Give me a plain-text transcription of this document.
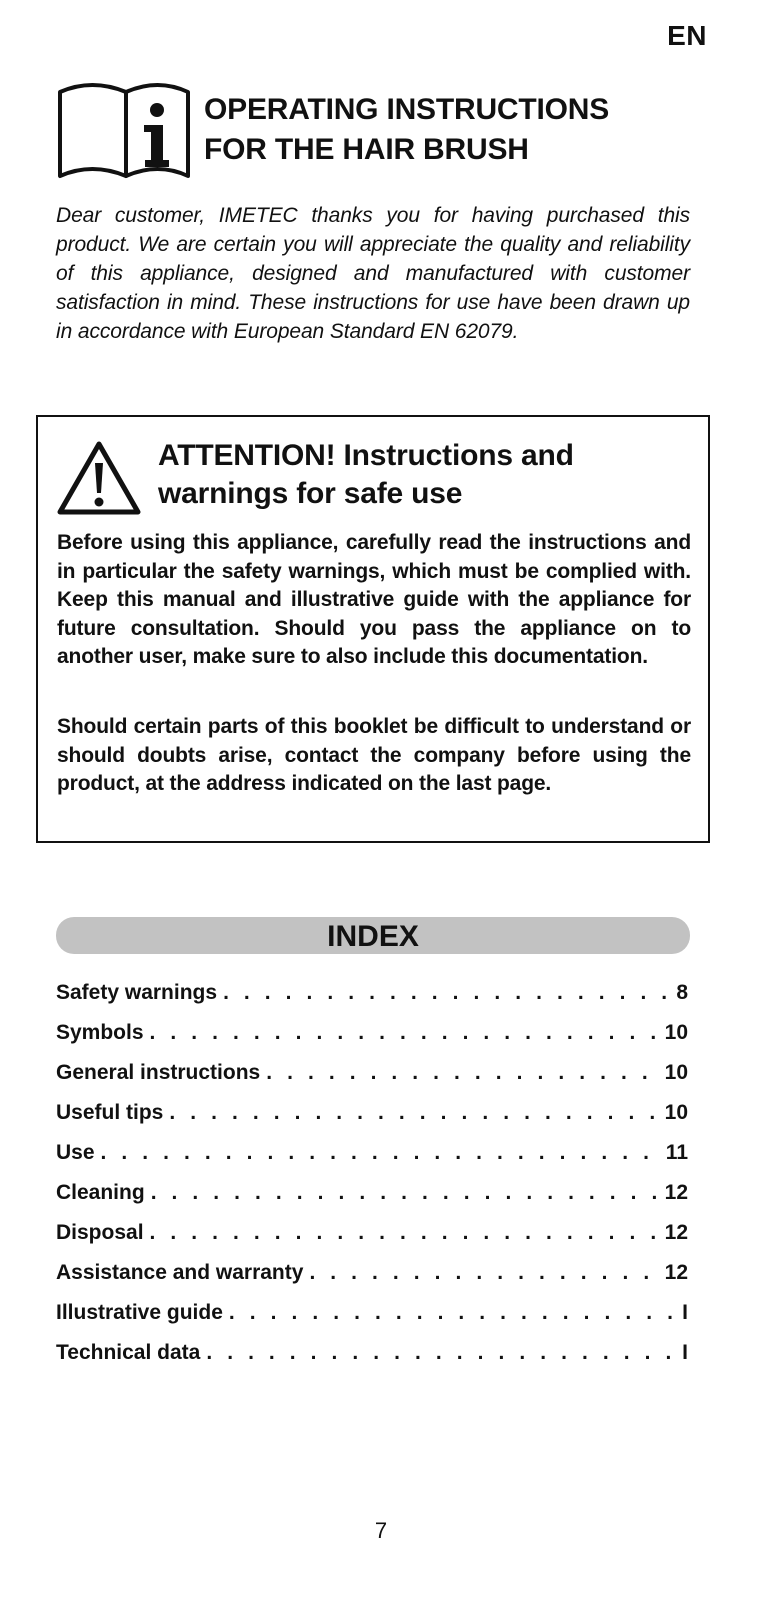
EN
OPERATING INSTRUCTIONS
FOR THE HAIR BRUSH
Dear customer, IMETEC thanks you for having purchased this product. We are certain you will appreciate the quality and reliability of this appliance, designed and manufactured with customer satisfaction in mind. These instructions for use have been drawn up in accordance with European Standard EN 62079.
ATTENTION! Instructions and
warnings for safe use
Before using this appliance, carefully read the instructions and in particular the safety warnings, which must be complied with. Keep this manual and illustrative guide with the appliance for future consultation. Should you pass the appliance on to another user, make sure to also include this documentation.
Should certain parts of this booklet be difficult to understand or should doubts arise, contact the company before using the product, at the address indicated on the last page.
INDEX
Safety warnings . . .	8
Symbols . . .	10
General instructions . . .	10
Useful tips . . .	10
Use . . .	11
Cleaning . . .	12
Disposal . . .	12
Assistance and warranty . . .	12
Illustrative guide . . .	I
Technical data . . .	I
7
